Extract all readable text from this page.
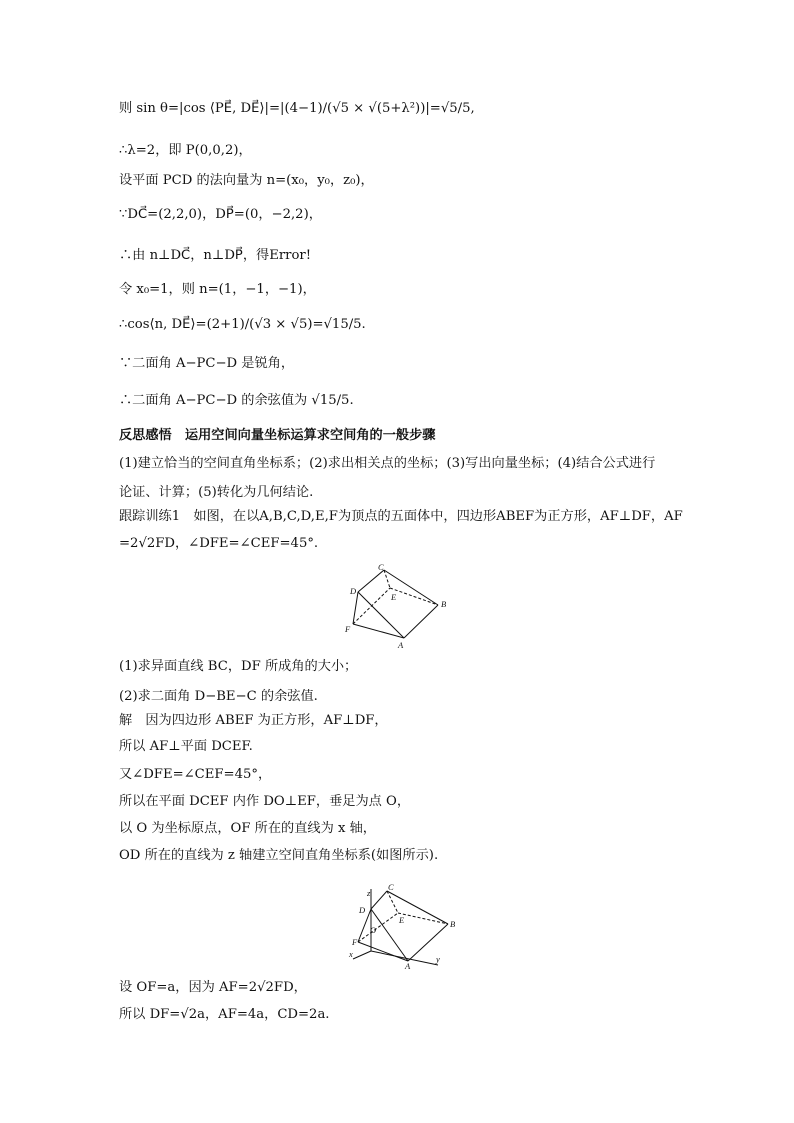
则 sin θ=|cos ⟨PE⃗, DE⃗⟩|=|(4−1)/(√5 × √(5+λ²))|=√5/5,
∴λ=2，即 P(0,0,2)，
设平面 PCD 的法向量为 n=(x₀，y₀，z₀)，
∵DC⃗=(2,2,0)，DP⃗=(0，−2,2)，
∴由 n⊥DC⃗，n⊥DP⃗，得Error!
令 x₀=1，则 n=(1，−1，−1)，
∴cos⟨n, DE⃗⟩=(2+1)/(√3 × √5)=√15/5.
∵二面角 A−PC−D 是锐角，
∴二面角 A−PC−D 的余弦值为 √15/5.
反思感悟　运用空间向量坐标运算求空间角的一般步骤
(1)建立恰当的空间直角坐标系；(2)求出相关点的坐标；(3)写出向量坐标；(4)结合公式进行
论证、计算；(5)转化为几何结论.
跟踪训练1　如图，在以A,B,C,D,E,F为顶点的五面体中，四边形ABEF为正方形，AF⊥DF，AF
=2√2FD，∠DFE=∠CEF=45°.
C
D
E
B
F
A
(1)求异面直线 BC，DF 所成角的大小；
(2)求二面角 D−BE−C 的余弦值.
解　因为四边形 ABEF 为正方形，AF⊥DF，
所以 AF⊥平面 DCEF.
又∠DFE=∠CEF=45°，
所以在平面 DCEF 内作 DO⊥EF，垂足为点 O，
以 O 为坐标原点，OF 所在的直线为 x 轴，
OD 所在的直线为 z 轴建立空间直角坐标系(如图所示).
z
C
D
E
O
B
F
A
x	y
设 OF=a，因为 AF=2√2FD，
所以 DF=√2a，AF=4a，CD=2a.
